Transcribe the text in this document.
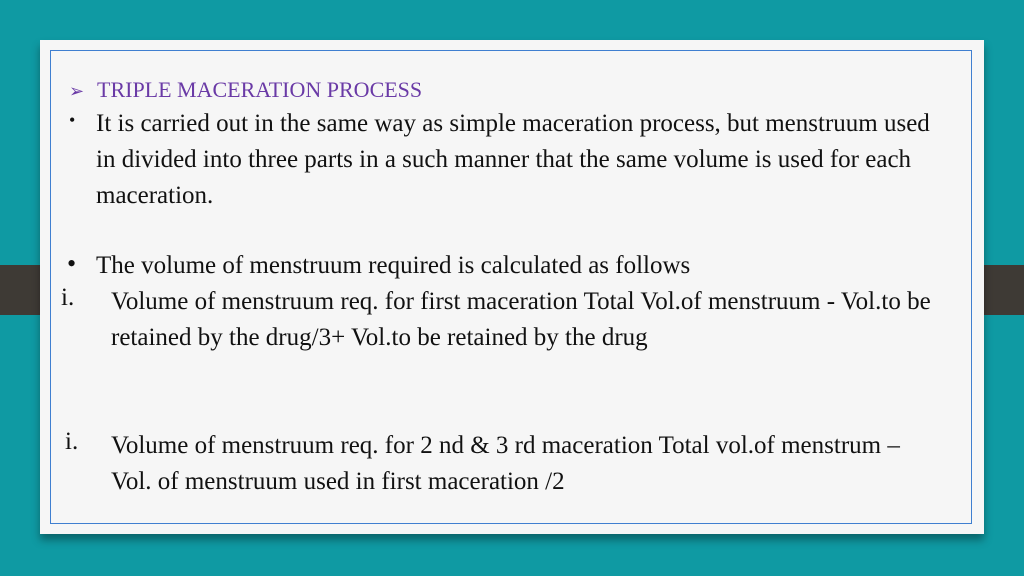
➢ TRIPLE MACERATION PROCESS
• It is carried out in the same way as simple maceration process, but menstruum used in divided into three parts in a such manner that the same volume is used for each maceration.
• The volume of menstruum required is calculated as follows
i. Volume of menstruum req. for first maceration Total Vol.of menstruum - Vol.to be retained by the drug/3+ Vol.to be retained by the drug
i. Volume of menstruum req. for 2 nd & 3 rd maceration Total vol.of menstrum – Vol. of menstruum used in first maceration /2
